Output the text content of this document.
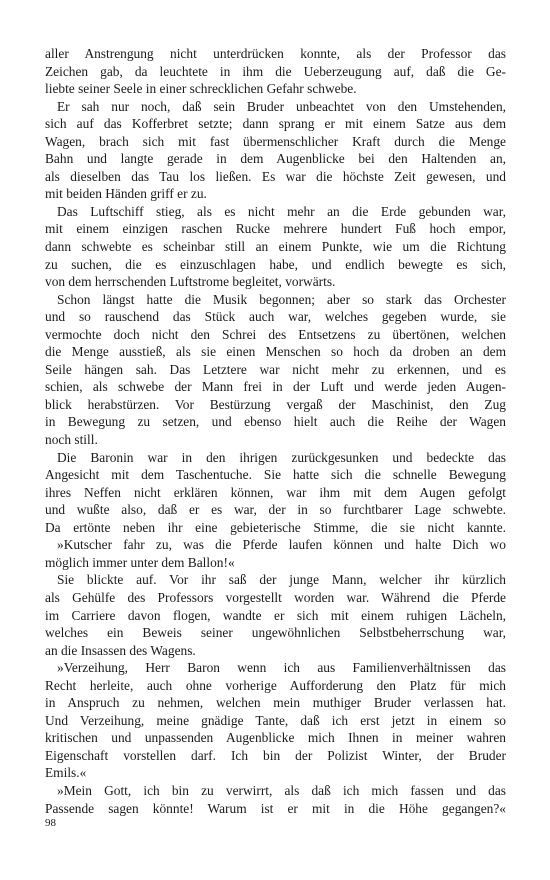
aller Anstrengung nicht unterdrücken konnte, als der Professor das
Zeichen gab, da leuchtete in ihm die Ueberzeugung auf, daß die Ge-
liebte seiner Seele in einer schrecklichen Gefahr schwebe.
Er sah nur noch, daß sein Bruder unbeachtet von den Umstehenden,
sich auf das Kofferbret setzte; dann sprang er mit einem Satze aus dem
Wagen, brach sich mit fast übermenschlicher Kraft durch die Menge
Bahn und langte gerade in dem Augenblicke bei den Haltenden an,
als dieselben das Tau los ließen. Es war die höchste Zeit gewesen, und
mit beiden Händen griff er zu.
Das Luftschiff stieg, als es nicht mehr an die Erde gebunden war,
mit einem einzigen raschen Rucke mehrere hundert Fuß hoch empor,
dann schwebte es scheinbar still an einem Punkte, wie um die Richtung
zu suchen, die es einzuschlagen habe, und endlich bewegte es sich,
von dem herrschenden Luftstrome begleitet, vorwärts.
Schon längst hatte die Musik begonnen; aber so stark das Orchester
und so rauschend das Stück auch war, welches gegeben wurde, sie
vermochte doch nicht den Schrei des Entsetzens zu übertönen, welchen
die Menge ausstieß, als sie einen Menschen so hoch da droben an dem
Seile hängen sah. Das Letztere war nicht mehr zu erkennen, und es
schien, als schwebe der Mann frei in der Luft und werde jeden Augen-
blick herabstürzen. Vor Bestürzung vergaß der Maschinist, den Zug
in Bewegung zu setzen, und ebenso hielt auch die Reihe der Wagen
noch still.
Die Baronin war in den ihrigen zurückgesunken und bedeckte das
Angesicht mit dem Taschentuche. Sie hatte sich die schnelle Bewegung
ihres Neffen nicht erklären können, war ihm mit dem Augen gefolgt
und wußte also, daß er es war, der in so furchtbarer Lage schwebte.
Da ertönte neben ihr eine gebieterische Stimme, die sie nicht kannte.
»Kutscher fahr zu, was die Pferde laufen können und halte Dich wo
möglich immer unter dem Ballon!«
Sie blickte auf. Vor ihr saß der junge Mann, welcher ihr kürzlich
als Gehülfe des Professors vorgestellt worden war. Während die Pferde
im Carriere davon flogen, wandte er sich mit einem ruhigen Lächeln,
welches ein Beweis seiner ungewöhnlichen Selbstbeherrschung war,
an die Insassen des Wagens.
»Verzeihung, Herr Baron wenn ich aus Familienverhältnissen das
Recht herleite, auch ohne vorherige Aufforderung den Platz für mich
in Anspruch zu nehmen, welchen mein muthiger Bruder verlassen hat.
Und Verzeihung, meine gnädige Tante, daß ich erst jetzt in einem so
kritischen und unpassenden Augenblicke mich Ihnen in meiner wahren
Eigenschaft vorstellen darf. Ich bin der Polizist Winter, der Bruder
Emils.«
»Mein Gott, ich bin zu verwirrt, als daß ich mich fassen und das
Passende sagen könnte! Warum ist er mit in die Höhe gegangen?«
98
